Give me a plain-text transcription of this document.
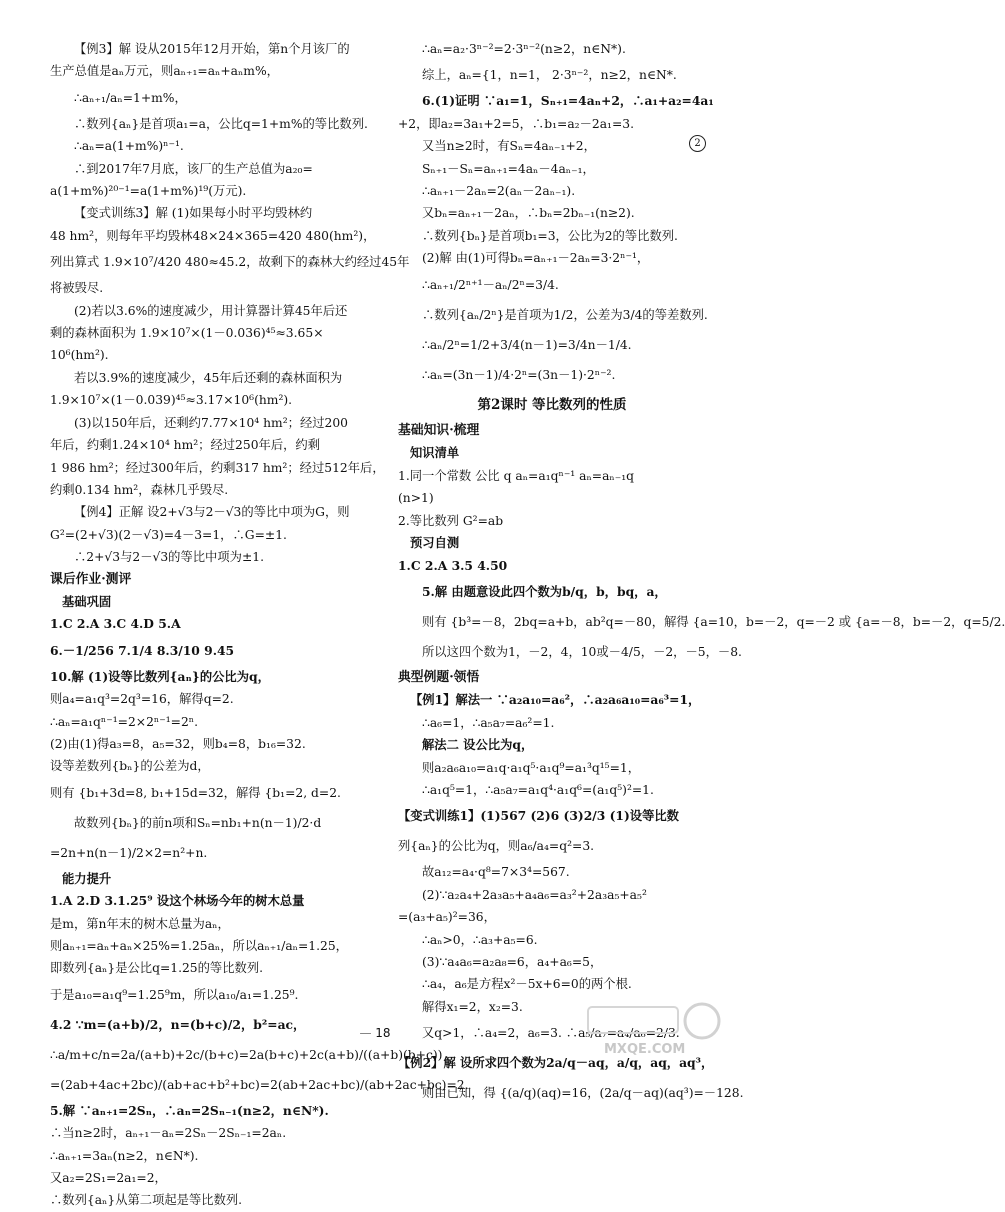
【例3】解 设从2015年12月开始，第n个月该厂的
生产总值是aₙ万元，则aₙ₊₁=aₙ+aₙm%，
∴aₙ₊₁/aₙ=1+m%，
∴数列{aₙ}是首项a₁=a，公比q=1+m%的等比数列.
∴aₙ=a(1+m%)ⁿ⁻¹.
∴到2017年7月底，该厂的生产总值为a₂₀=
a(1+m%)²⁰⁻¹=a(1+m%)¹⁹(万元).
【变式训练3】解 (1)如果每小时平均毁林约
48 hm²，则每年平均毁林48×24×365=420 480(hm²)，
列出算式 1.9×10⁷/420 480≈45.2，故剩下的森林大约经过45年
将被毁尽.
(2)若以3.6%的速度减少，用计算器计算45年后还
剩的森林面积为 1.9×10⁷×(1－0.036)⁴⁵≈3.65×
10⁶(hm²).
若以3.9%的速度减少，45年后还剩的森林面积为
1.9×10⁷×(1－0.039)⁴⁵≈3.17×10⁶(hm²).
(3)以150年后，还剩约7.77×10⁴ hm²；经过200
年后，约剩1.24×10⁴ hm²；经过250年后，约剩
1 986 hm²；经过300年后，约剩317 hm²；经过512年后，
约剩0.134 hm²，森林几乎毁尽.
【例4】正解 设2+√3与2－√3的等比中项为G，则
G²=(2+√3)(2－√3)=4－3=1，∴G=±1.
∴2+√3与2－√3的等比中项为±1.
课后作业·测评
基础巩固
1.C 2.A 3.C 4.D 5.A
6.－1/256 7.1/4 8.3/10 9.45
10.解 (1)设等比数列{aₙ}的公比为q，
则a₄=a₁q³=2q³=16，解得q=2.
∴aₙ=a₁qⁿ⁻¹=2×2ⁿ⁻¹=2ⁿ.
(2)由(1)得a₃=8，a₅=32，则b₄=8，b₁₆=32.
设等差数列{bₙ}的公差为d，
则有 {b₁+3d=8, b₁+15d=32，解得 {b₁=2, d=2.
故数列{bₙ}的前n项和Sₙ=nb₁+n(n－1)/2·d
=2n+n(n－1)/2×2=n²+n.
能力提升
1.A 2.D 3.1.25⁹ 设这个林场今年的树木总量
是m，第n年末的树木总量为aₙ，
则aₙ₊₁=aₙ+aₙ×25%=1.25aₙ，所以aₙ₊₁/aₙ=1.25，
即数列{aₙ}是公比q=1.25的等比数列.
于是a₁₀=a₁q⁹=1.25⁹m，所以a₁₀/a₁=1.25⁹.
4.2 ∵m=(a+b)/2，n=(b+c)/2，b²=ac，
∴a/m+c/n=2a/(a+b)+2c/(b+c)=2a(b+c)+2c(a+b)/((a+b)(b+c))
=(2ab+4ac+2bc)/(ab+ac+b²+bc)=2(ab+2ac+bc)/(ab+2ac+bc)=2.
5.解 ∵aₙ₊₁=2Sₙ，∴aₙ=2Sₙ₋₁(n≥2，n∈N*).
∴当n≥2时，aₙ₊₁－aₙ=2Sₙ－2Sₙ₋₁=2aₙ.
∴aₙ₊₁=3aₙ(n≥2，n∈N*).
又a₂=2S₁=2a₁=2，
∴数列{aₙ}从第二项起是等比数列.
∴aₙ=a₂·3ⁿ⁻²=2·3ⁿ⁻²(n≥2，n∈N*).
综上，aₙ={1，n=1， 2·3ⁿ⁻²，n≥2，n∈N*.
6.(1)证明 ∵a₁=1，Sₙ₊₁=4aₙ+2，∴a₁+a₂=4a₁
+2，即a₂=3a₁+2=5，∴b₁=a₂－2a₁=3.
又当n≥2时，有Sₙ=4aₙ₋₁+2，	2
Sₙ₊₁－Sₙ=aₙ₊₁=4aₙ－4aₙ₋₁，
∴aₙ₊₁－2aₙ=2(aₙ－2aₙ₋₁).
又bₙ=aₙ₊₁－2aₙ，∴bₙ=2bₙ₋₁(n≥2).
∴数列{bₙ}是首项b₁=3，公比为2的等比数列.
(2)解 由(1)可得bₙ=aₙ₊₁－2aₙ=3·2ⁿ⁻¹，
∴aₙ₊₁/2ⁿ⁺¹－aₙ/2ⁿ=3/4.
∴数列{aₙ/2ⁿ}是首项为1/2，公差为3/4的等差数列.
∴aₙ/2ⁿ=1/2+3/4(n－1)=3/4n－1/4.
∴aₙ=(3n－1)/4·2ⁿ=(3n－1)·2ⁿ⁻².
第2课时 等比数列的性质
基础知识·梳理
知识清单
1.同一个常数 公比 q aₙ=a₁qⁿ⁻¹ aₙ=aₙ₋₁q
(n>1)
2.等比数列 G²=ab
预习自测
1.C 2.A 3.5 4.50
5.解 由题意设此四个数为b/q，b，bq，a，
则有 {b³=－8，2bq=a+b，ab²q=－80，解得 {a=10，b=－2，q=－2 或 {a=－8，b=－2，q=5/2.
所以这四个数为1，－2，4，10或－4/5，－2，－5，－8.
典型例题·领悟
【例1】解法一 ∵a₂a₁₀=a₆²，∴a₂a₆a₁₀=a₆³=1，
∴a₆=1，∴a₅a₇=a₆²=1.
解法二 设公比为q，
则a₂a₆a₁₀=a₁q·a₁q⁵·a₁q⁹=a₁³q¹⁵=1，
∴a₁q⁵=1，∴a₅a₇=a₁q⁴·a₁q⁶=(a₁q⁵)²=1.
【变式训练1】(1)567 (2)6 (3)2/3 (1)设等比数
列{aₙ}的公比为q，则a₆/a₄=q²=3.
故a₁₂=a₄·q⁸=7×3⁴=567.
(2)∵a₂a₄+2a₃a₅+a₄a₆=a₃²+2a₃a₅+a₅²
=(a₃+a₅)²=36，
∴aₙ>0，∴a₃+a₅=6.
(3)∵a₄a₆=a₂a₈=6，a₄+a₆=5，
∴a₄，a₆是方程x²－5x+6=0的两个根.
解得x₁=2，x₂=3.
又q>1，∴a₄=2，a₆=3. ∴a₅/a₇=a₄/a₆=2/3.
【例2】解 设所求四个数为2a/q－aq，a/q，aq，aq³，
则由已知，得 {(a/q)(aq)=16，(2a/q－aq)(aq³)=－128.
— 18
MXQE.COM
